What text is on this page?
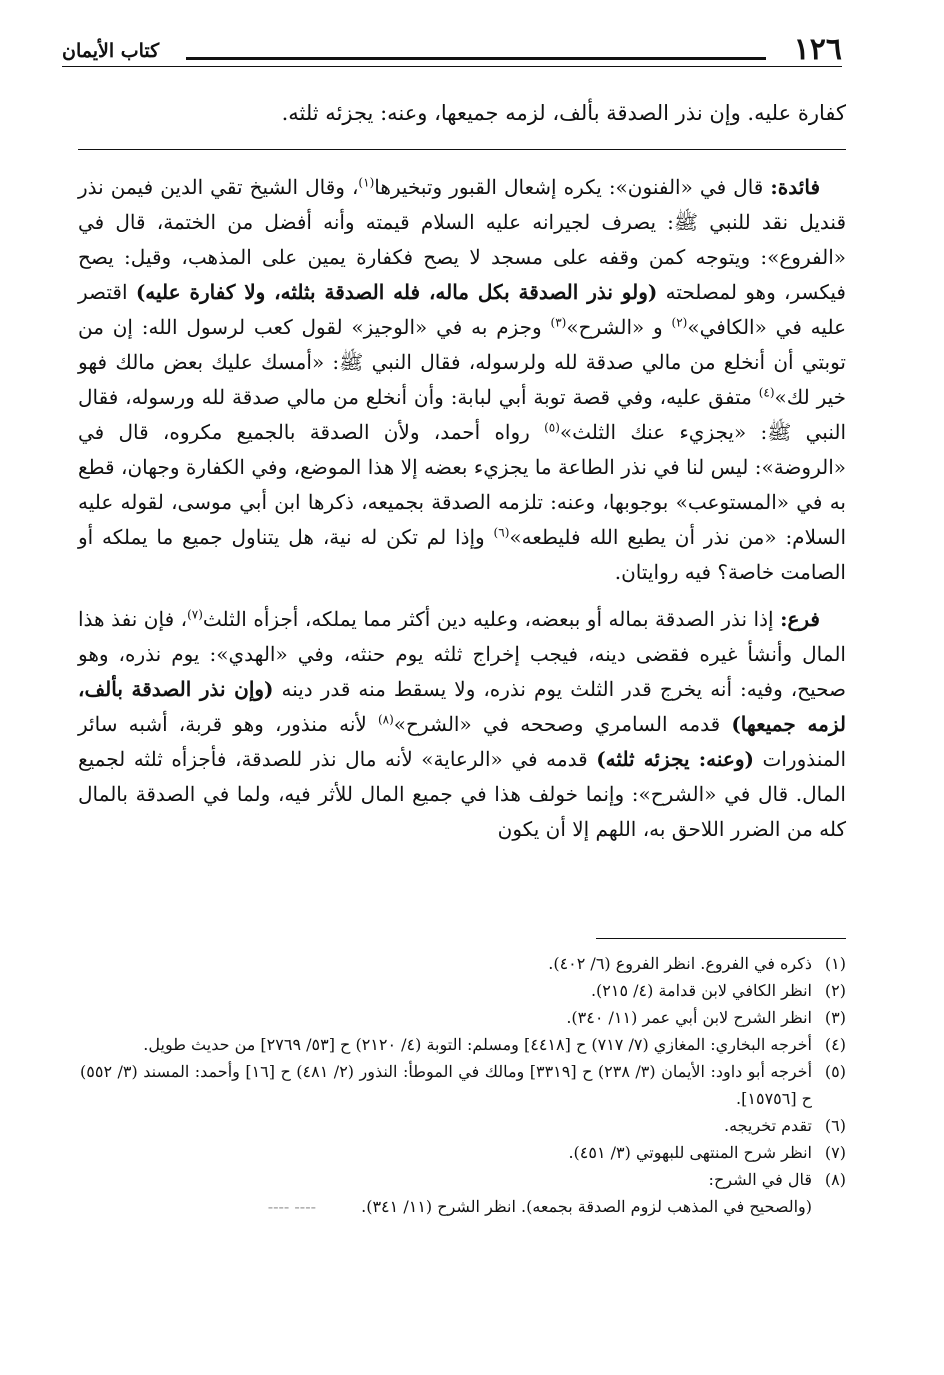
١٢٦
كتاب الأيمان
كفارة عليه. وإن نذر الصدقة بألف، لزمه جميعها، وعنه: يجزئه ثلثه.

فائدة: قال في «الفنون»: يكره إشعال القبور وتبخيرها$^{(١)}$، وقال الشيخ تقي الدين فيمن نذر قنديل نقد للنبي ﷺ: يصرف لجيرانه عليه السلام قيمته وأنه أفضل من الختمة، قال في «الفروع»: ويتوجه كمن وقفه على مسجد لا يصح فكفارة يمين على المذهب، وقيل: يصح فيكسر، وهو لمصلحته (ولو نذر الصدقة بكل ماله، فله الصدقة بثلثه، ولا كفارة عليه) اقتصر عليه في «الكافي»$^{(٢)}$ و «الشرح»$^{(٣)}$ وجزم به في «الوجيز» لقول كعب لرسول الله: إن من توبتي أن أنخلع من مالي صدقة لله ولرسوله، فقال النبي ﷺ: «أمسك عليك بعض مالك فهو خير لك»$^{(٤)}$ متفق عليه، وفي قصة توبة أبي لبابة: وأن أنخلع من مالي صدقة لله ورسوله، فقال النبي ﷺ: «يجزيء عنك الثلث»$^{(٥)}$ رواه أحمد، ولأن الصدقة بالجميع مكروه، قال في «الروضة»: ليس لنا في نذر الطاعة ما يجزيء بعضه إلا هذا الموضع، وفي الكفارة وجهان، قطع به في «المستوعب» بوجوبها، وعنه: تلزمه الصدقة بجميعه، ذكرها ابن أبي موسى، لقوله عليه السلام: «من نذر أن يطيع الله فليطعه»$^{(٦)}$ وإذا لم تكن له نية، هل يتناول جميع ما يملكه أو الصامت خاصة؟ فيه روايتان.

فرع: إذا نذر الصدقة بماله أو ببعضه، وعليه دين أكثر مما يملكه، أجزأه الثلث$^{(٧)}$، فإن نفذ هذا المال وأنشأ غيره فقضى دينه، فيجب إخراج ثلثه يوم حنثه، وفي «الهدي»: يوم نذره، وهو صحيح، وفيه: أنه يخرج قدر الثلث يوم نذره، ولا يسقط منه قدر دينه (وإن نذر الصدقة بألف، لزمه جميعها) قدمه السامري وصححه في «الشرح»$^{(٨)}$ لأنه منذور، وهو قربة، أشبه سائر المنذورات (وعنه: يجزئه ثلثه) قدمه في «الرعاية» لأنه مال نذر للصدقة، فأجزأه ثلثه لجميع المال. قال في «الشرح»: وإنما خولف هذا في جميع المال للأثر فيه، ولما في الصدقة بالمال كله من الضرر اللاحق به، اللهم إلا أن يكون

(١)
ذكره في الفروع. انظر الفروع (٦/ ٤٠٢).
(٢)
انظر الكافي لابن قدامة (٤/ ٢١٥).
(٣)
انظر الشرح لابن أبي عمر (١١/ ٣٤٠).
(٤)
أخرجه البخاري: المغازي (٧/ ٧١٧) ح [٤٤١٨] ومسلم: التوبة (٤/ ٢١٢٠) ح [٥٣/ ٢٧٦٩] من حديث طويل.
(٥)
أخرجه أبو داود: الأيمان (٣/ ٢٣٨) ح [٣٣١٩] ومالك في الموطأ: النذور (٢/ ٤٨١) ح [١٦] وأحمد: المسند (٣/ ٥٥٢) ح [١٥٧٥٦].
(٦)
تقدم تخريجه.
(٧)
انظر شرح المنتهى للبهوتي (٣/ ٤٥١).
(٨)
قال في الشرح:
(والصحيح في المذهب لزوم الصدقة بجمعه). انظر الشرح (١١/ ٣٤١). ---- ----
